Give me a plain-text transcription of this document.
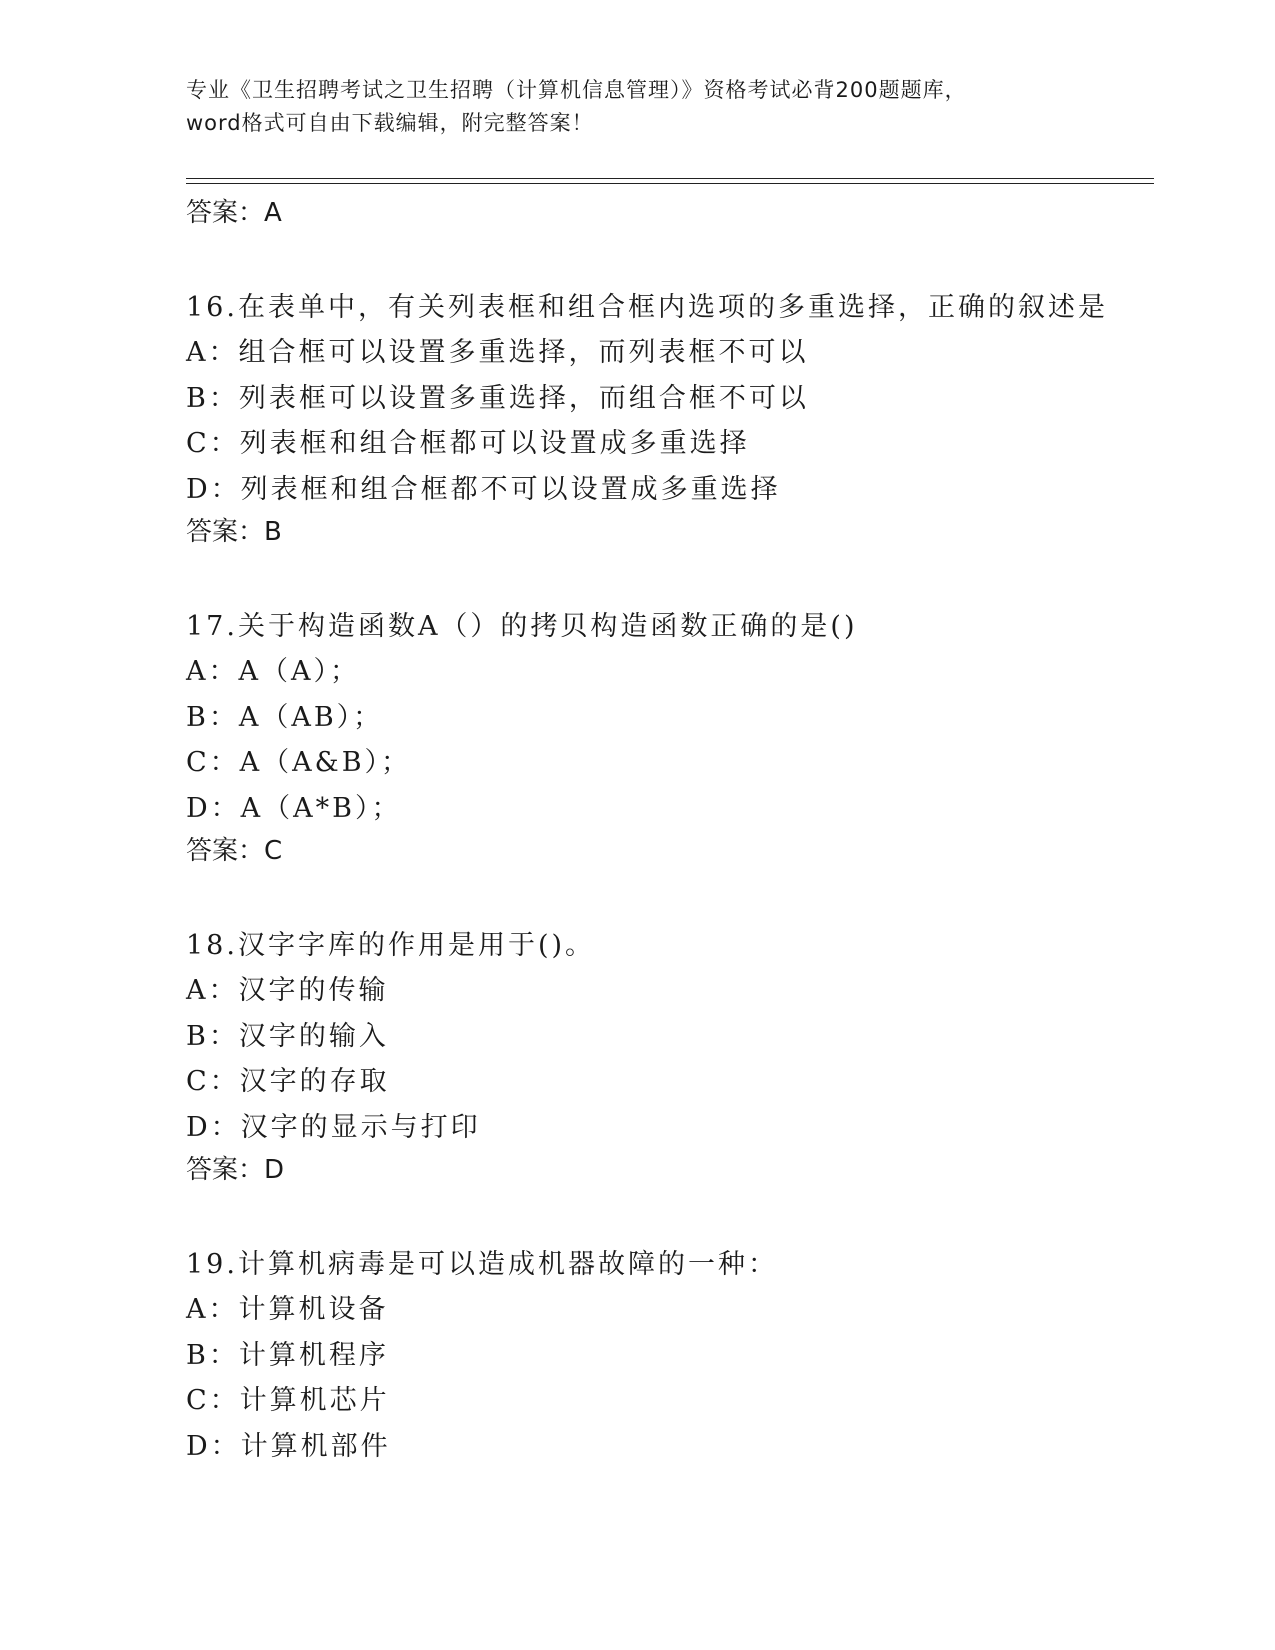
专业《卫生招聘考试之卫生招聘（计算机信息管理）》资格考试必背200题题库，
word格式可自由下载编辑，附完整答案！
答案：A
16.在表单中，有关列表框和组合框内选项的多重选择，正确的叙述是
A：组合框可以设置多重选择，而列表框不可以
B：列表框可以设置多重选择，而组合框不可以
C：列表框和组合框都可以设置成多重选择
D：列表框和组合框都不可以设置成多重选择
答案：B
17.关于构造函数A（）的拷贝构造函数正确的是()
A：A（A）；
B：A（AB）；
C：A（A&B）；
D：A（A*B）；
答案：C
18.汉字字库的作用是用于()。
A：汉字的传输
B：汉字的输入
C：汉字的存取
D：汉字的显示与打印
答案：D
19.计算机病毒是可以造成机器故障的一种：
A：计算机设备
B：计算机程序
C：计算机芯片
D：计算机部件
